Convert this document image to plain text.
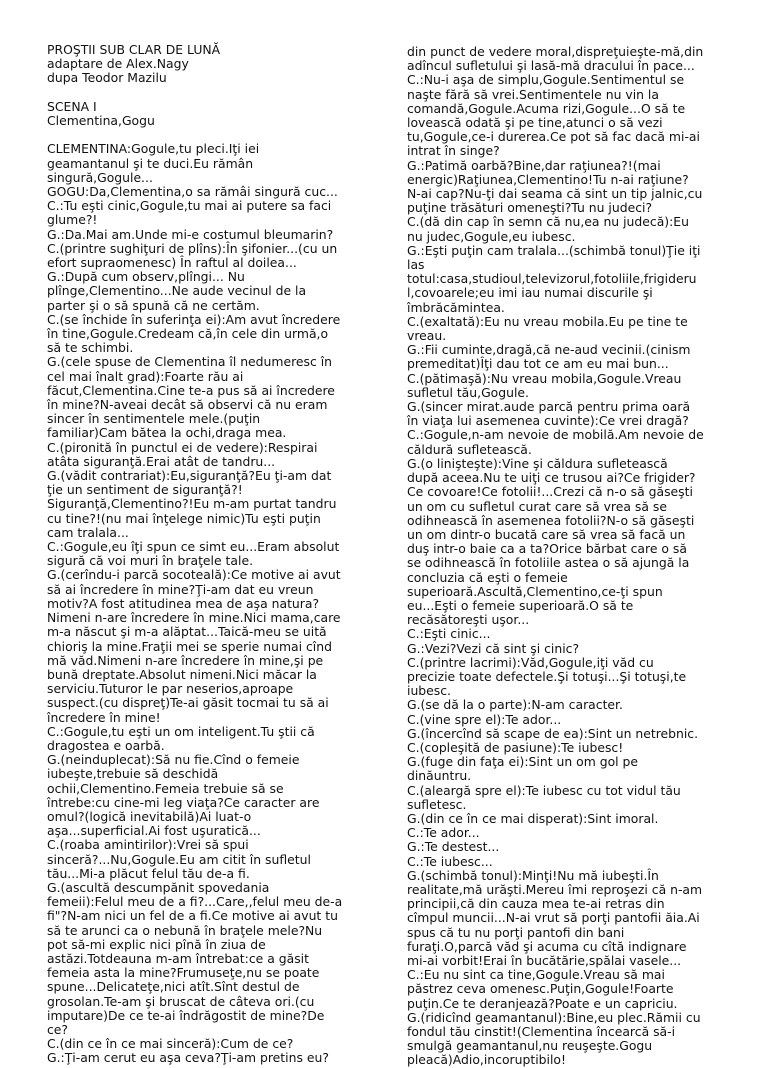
PROŞTII SUB CLAR DE LUNĂ
adaptare de Alex.Nagy
dupa Teodor Mazilu
SCENA I
Clementina,Gogu
CLEMENTINA:Gogule,tu pleci.Iţi iei
geamantanul şi te duci.Eu rămân
singură,Gogule...
GOGU:Da,Clementina,o sa rămâi singură cuc...
C.:Tu eşti cinic,Gogule,tu mai ai putere sa faci
glume?!
G.:Da.Mai am.Unde mi-e costumul bleumarin?
C.(printre sughiţuri de plîns):În şifonier...(cu un
efort supraomenesc) În raftul al doilea...
G.:După cum observ,plîngi... Nu
plînge,Clementino...Ne aude vecinul de la
parter şi o să spună că ne certăm.
C.(se închide în suferinţa ei):Am avut încredere
în tine,Gogule.Credeam că,în cele din urmă,o
să te schimbi.
G.(cele spuse de Clementina îl nedumeresc în
cel mai înalt grad):Foarte rău ai
făcut,Clementina.Cine te-a pus să ai încredere
în mine?N-aveai decât să observi că nu eram
sincer în sentimentele mele.(puţin
familiar)Cam bătea la ochi,draga mea.
C.(pironită în punctul ei de vedere):Respirai
atâta siguranţă.Erai atât de tandru...
G.(vădit contrariat):Eu,siguranţă?Eu ţi-am dat
ţie un sentiment de siguranţă?!
Siguranţă,Clementino?!Eu m-am purtat tandru
cu tine?!(nu mai înţelege nimic)Tu eşti puţin
cam tralala...
C.:Gogule,eu îţi spun ce simt eu...Eram absolut
sigură că voi muri în braţele tale.
G.(cerîndu-i parcă socoteală):Ce motive ai avut
să ai încredere în mine?Ţi-am dat eu vreun
motiv?A fost atitudinea mea de aşa natura?
Nimeni n-are încredere în mine.Nici mama,care
m-a născut şi m-a alăptat...Taică-meu se uită
chioriş la mine.Fraţii mei se sperie numai cînd
mă văd.Nimeni n-are încredere în mine,şi pe
bună dreptate.Absolut nimeni.Nici măcar la
serviciu.Tuturor le par neserios,aproape
suspect.(cu dispreţ)Te-ai găsit tocmai tu să ai
încredere în mine!
C.:Gogule,tu eşti un om inteligent.Tu ştii că
dragostea e oarbă.
G.(neinduplecat):Să nu fie.Cînd o femeie
iubeşte,trebuie să deschidă
ochii,Clementino.Femeia trebuie să se
întrebe:cu cine-mi leg viaţa?Ce caracter are
omul?(logică inevitabilă)Ai luat-o
aşa...superficial.Ai fost uşuratică...
C.(roaba amintirilor):Vrei să spui
sinceră?...Nu,Gogule.Eu am citit în sufletul
tău...Mi-a plăcut felul tău de-a fi.
G.(ascultă descumpănit spovedania
femeii):Felul meu de a fi?...Care,,felul meu de-a
fi"?N-am nici un fel de a fi.Ce motive ai avut tu
să te arunci ca o nebună în braţele mele?Nu
pot să-mi explic nici pînă în ziua de
astăzi.Totdeauna m-am întrebat:ce a găsit
femeia asta la mine?Frumuseţe,nu se poate
spune...Delicateţe,nici atît.Sînt destul de
grosolan.Te-am şi bruscat de câteva ori.(cu
imputare)De ce te-ai îndrăgostit de mine?De
ce?
C.(din ce în ce mai sinceră):Cum de ce?
G.:Ţi-am cerut eu aşa ceva?Ţi-am pretins eu?
din punct de vedere moral,dispreţuieşte-mă,din
adîncul sufletului şi lasă-mă dracului în pace...
C.:Nu-i aşa de simplu,Gogule.Sentimentul se
naşte fără să vrei.Sentimentele nu vin la
comandă,Gogule.Acuma rizi,Gogule...O să te
lovească odată şi pe tine,atunci o să vezi
tu,Gogule,ce-i durerea.Ce pot să fac dacă mi-ai
intrat în singe?
G.:Patimă oarbă?Bine,dar raţiunea?!(mai
energic)Raţiunea,Clementino!Tu n-ai raţiune?
N-ai cap?Nu-ţi dai seama că sint un tip jalnic,cu
puţine trăsături omeneşti?Tu nu judeci?
C.(dă din cap în semn că nu,ea nu judecă):Eu
nu judec,Gogule,eu iubesc.
G.:Eşti puţin cam tralala...(schimbă tonul)Ţie iţi
las
totul:casa,studioul,televizorul,fotoliile,frigideru
l,covoarele;eu imi iau numai discurile şi
îmbrăcămintea.
C.(exaltată):Eu nu vreau mobila.Eu pe tine te
vreau.
G.:Fii cuminte,dragă,că ne-aud vecinii.(cinism
premeditat)Îţi dau tot ce am eu mai bun...
C.(pătimaşă):Nu vreau mobila,Gogule.Vreau
sufletul tău,Gogule.
G.(sincer mirat.aude parcă pentru prima oară
în viaţa lui asemenea cuvinte):Ce vrei dragă?
C.:Gogule,n-am nevoie de mobilă.Am nevoie de
căldură sufletească.
G.(o linişteşte):Vine şi căldura sufletească
după aceea.Nu te uiţi ce trusou ai?Ce frigider?
Ce covoare!Ce fotolii!...Crezi că n-o să găseşti
un om cu sufletul curat care să vrea să se
odihnească în asemenea fotolii?N-o să găseşti
un om dintr-o bucată care să vrea să facă un
duş intr-o baie ca a ta?Orice bărbat care o să
se odihnească în fotoliile astea o să ajungă la
concluzia că eşti o femeie
superioară.Ascultă,Clementino,ce-ţi spun
eu...Eşti o femeie superioară.O să te
recăsătoreşti uşor...
C.:Eşti cinic...
G.:Vezi?Vezi că sint şi cinic?
C.(printre lacrimi):Văd,Gogule,iţi văd cu
precizie toate defectele.Şi totuşi...Şi totuşi,te
iubesc.
G.(se dă la o parte):N-am caracter.
C.(vine spre el):Te ador...
G.(încercînd să scape de ea):Sint un netrebnic.
C.(copleşită de pasiune):Te iubesc!
G.(fuge din faţa ei):Sint un om gol pe
dinăuntru.
C.(aleargă spre el):Te iubesc cu tot vidul tău
sufletesc.
G.(din ce în ce mai disperat):Sint imoral.
C.:Te ador...
G.:Te destest...
C.:Te iubesc...
G.(schimbă tonul):Minţi!Nu mă iubeşti.În
realitate,mă urăşti.Mereu îmi reproşezi că n-am
principii,că din cauza mea te-ai retras din
cîmpul muncii...N-ai vrut să porţi pantofii ăia.Ai
spus că tu nu porţi pantofi din bani
furaţi.O,parcă văd şi acuma cu cîtă indignare
mi-ai vorbit!Erai în bucătărie,spălai vasele...
C.:Eu nu sint ca tine,Gogule.Vreau să mai
păstrez ceva omenesc.Puţin,Gogule!Foarte
puţin.Ce te deranjează?Poate e un capriciu.
G.(ridicînd geamantanul):Bine,eu plec.Rămii cu
fondul tău cinstit!(Clementina încearcă să-i
smulgă geamantanul,nu reuşeşte.Gogu
pleacă)Adio,incoruptibilo!
